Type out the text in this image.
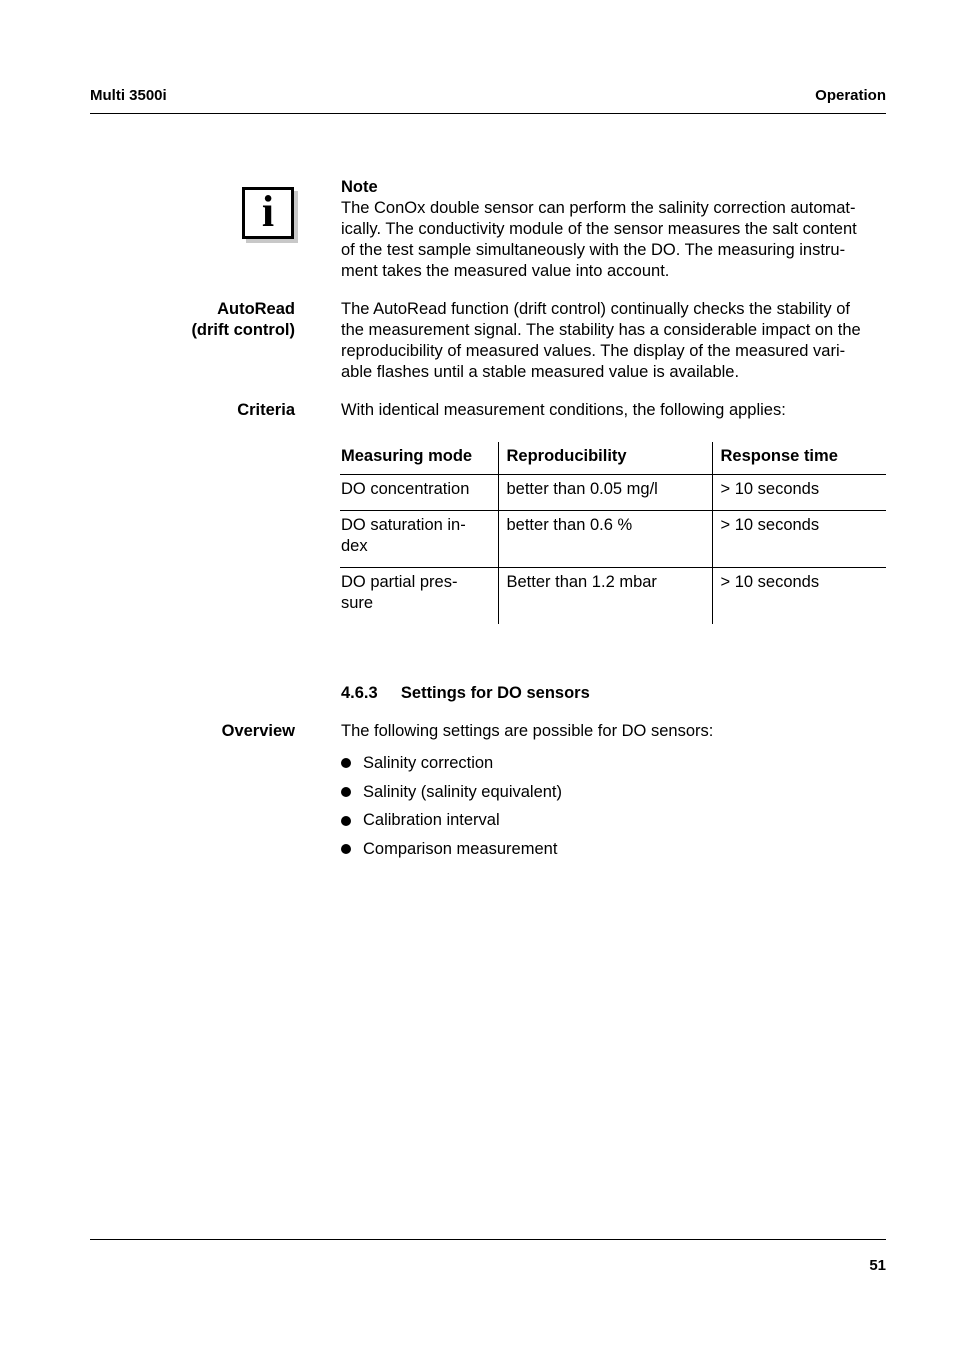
Multi 3500i	Operation
i	Note
The ConOx double sensor can perform the salinity correction automat-
ically. The conductivity module of the sensor measures the salt content
of the test sample simultaneously with the DO. The measuring instru-
ment takes the measured value into account.
AutoRead
(drift control)
The AutoRead function (drift control) continually checks the stability of
the measurement signal. The stability has a considerable impact on the
reproducibility of measured values. The display of the measured vari-
able flashes until a stable measured value is available.
Criteria	With identical measurement conditions, the following applies:
Measuring mode	Reproducibility	Response time

DO concentration	better than 0.05 mg/l	> 10 seconds

DO saturation in-
dex	better than 0.6 %	> 10 seconds

DO partial pres-
sure	Better than 1.2 mbar	> 10 seconds
4.6.3 Settings for DO sensors
Overview	The following settings are possible for DO sensors:
Salinity correction
Salinity (salinity equivalent)
Calibration interval
Comparison measurement
51
